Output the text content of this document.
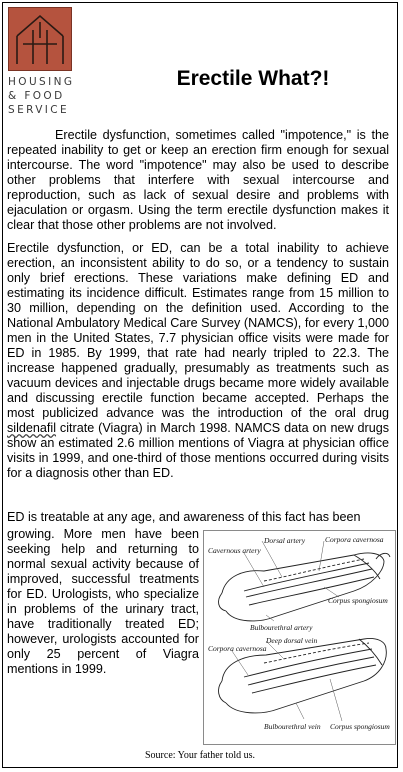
HOUSING
& FOOD
SERVICE
Erectile What?!

Erectile dysfunction, sometimes called "impotence," is the repeated inability to get or keep an erection firm enough for sexual intercourse. The word "impotence" may also be used to describe other problems that interfere with sexual intercourse and reproduction, such as lack of sexual desire and problems with ejaculation or orgasm. Using the term erectile dysfunction makes it clear that those other problems are not involved.

Erectile dysfunction, or ED, can be a total inability to achieve erection, an inconsistent ability to do so, or a tendency to sustain only brief erections. These variations make defining ED and estimating its incidence difficult. Estimates range from 15 million to 30 million, depending on the definition used. According to the National Ambulatory Medical Care Survey (NAMCS), for every 1,000 men in the United States, 7.7 physician office visits were made for ED in 1985. By 1999, that rate had nearly tripled to 22.3. The increase happened gradually, presumably as treatments such as vacuum devices and injectable drugs became more widely available and discussing erectile function became accepted. Perhaps the most publicized advance was the introduction of the oral drug sildenafil citrate (Viagra) in March 1998. NAMCS data on new drugs show an estimated 2.6 million mentions of Viagra at physician office visits in 1999, and one-third of those mentions occurred during visits for a diagnosis other than ED.

ED is treatable at any age, and awareness of this fact has been

growing. More men have been seeking help and returning to normal sexual activity because of improved, successful treatments for ED. Urologists, who specialize in problems of the urinary tract, have traditionally treated ED; however, urologists accounted for only 25 percent of Viagra mentions in 1999.

Dorsal artery	Corpora cavernosa
Cavernous artery
Corpus spongiosum
Bulbourethral artery
Deep dorsal vein
Corpora cavernosa
Bulbourethral vein Corpus spongiosum
Source: Your father told us.
